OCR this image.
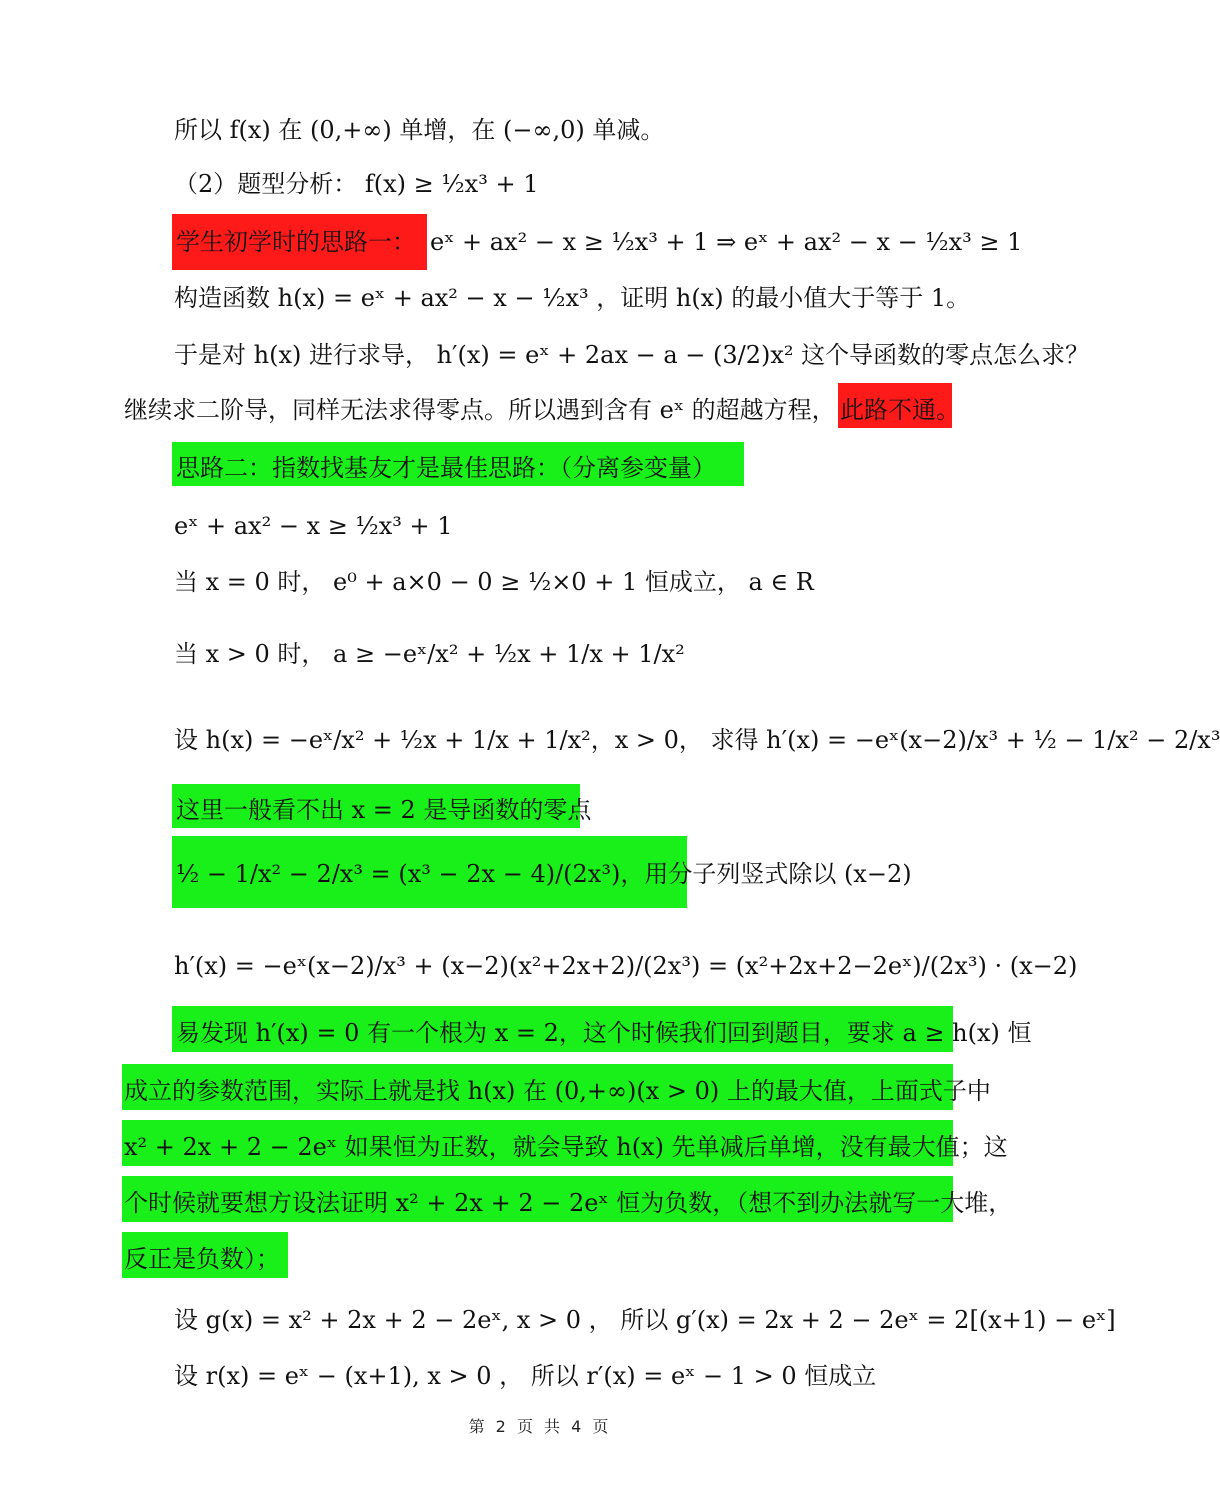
所以 f(x) 在 (0,+∞) 单增，在 (−∞,0) 单减。
（2）题型分析： f(x) ≥ ½x³ + 1
学生初学时的思路一： eˣ + ax² − x ≥ ½x³ + 1 ⇒ eˣ + ax² − x − ½x³ ≥ 1
构造函数 h(x) = eˣ + ax² − x − ½x³ ，证明 h(x) 的最小值大于等于 1。
于是对 h(x) 进行求导， h′(x) = eˣ + 2ax − a − (3/2)x² 这个导函数的零点怎么求？
继续求二阶导，同样无法求得零点。所以遇到含有 eˣ 的超越方程， 此路不通。
思路二：指数找基友才是最佳思路：（分离参变量）
eˣ + ax² − x ≥ ½x³ + 1
当 x = 0 时， e⁰ + a×0 − 0 ≥ ½×0 + 1 恒成立， a ∈ R
当 x > 0 时， a ≥ −eˣ/x² + ½x + 1/x + 1/x²
设 h(x) = −eˣ/x² + ½x + 1/x + 1/x²，x > 0， 求得 h′(x) = −eˣ(x−2)/x³ + ½ − 1/x² − 2/x³
这里一般看不出 x = 2 是导函数的零点
½ − 1/x² − 2/x³ = (x³ − 2x − 4)/(2x³)，用分子列竖式除以 (x−2)
h′(x) = −eˣ(x−2)/x³ + (x−2)(x²+2x+2)/(2x³) = (x²+2x+2−2eˣ)/(2x³) · (x−2)
易发现 h′(x) = 0 有一个根为 x = 2，这个时候我们回到题目，要求 a ≥ h(x) 恒
成立的参数范围，实际上就是找 h(x) 在 (0,+∞)(x > 0) 上的最大值，上面式子中
x² + 2x + 2 − 2eˣ 如果恒为正数，就会导致 h(x) 先单减后单增，没有最大值；这
个时候就要想方设法证明 x² + 2x + 2 − 2eˣ 恒为负数，（想不到办法就写一大堆，
反正是负数）；
设 g(x) = x² + 2x + 2 − 2eˣ, x > 0 ， 所以 g′(x) = 2x + 2 − 2eˣ = 2[(x+1) − eˣ]
设 r(x) = eˣ − (x+1), x > 0 ， 所以 r′(x) = eˣ − 1 > 0 恒成立
第 2 页 共 4 页
